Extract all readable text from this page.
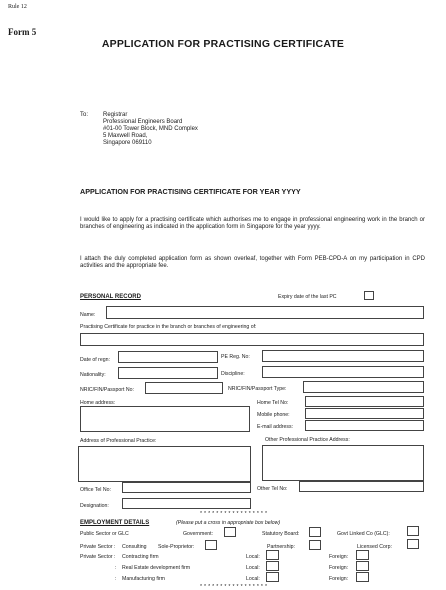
Rule 12
Form 5
APPLICATION FOR PRACTISING CERTIFICATE
To: Registrar
Professional Engineers Board
#01-00 Tower Block, MND Complex
5 Maxwell Road,
Singapore 069110
APPLICATION FOR PRACTISING CERTIFICATE FOR YEAR YYYY
I would like to apply for a practising certificate which authorises me to engage in professional engineering work in the branch or branches of engineering as indicated in the application form in Singapore for the year yyyy.
I attach the duly completed application form as shown overleaf, together with Form PEB-CPD-A on my participation in CPD activities and the appropriate fee.
PERSONAL RECORD	Expiry date of the last PC
Name:
Practising Certificate for practice in the branch or branches of engineering of:
Date of regn:	PE Reg. No:
Nationality:	Discipline:
NRIC/FIN/Passport No:	NRIC/FIN/Passport Type:
Home address:	Home Tel No:
Mobile phone:
E-mail address:
Address of Professional Practice:	Other Professional Practice Address:
Office Tel No:	Other Tel No:
Designation:
* * * * * * * * * * * * * * * * *
EMPLOYMENT DETAILS	(Please put a cross in appropriate box below)
Public Sector or GLC	Government:	Statutory Board:	Govt Linked Co (GLC):
Private Sector : Consulting Sole-Proprietor:	Partnership:	Licensed Corp:
Private Sector : Contracting firm	Local:	Foreign:
: Real Estate development firm	Local:	Foreign:
: Manufacturing firm	Local:	Foreign:
* * * * * * * * * * * * * * * * *
